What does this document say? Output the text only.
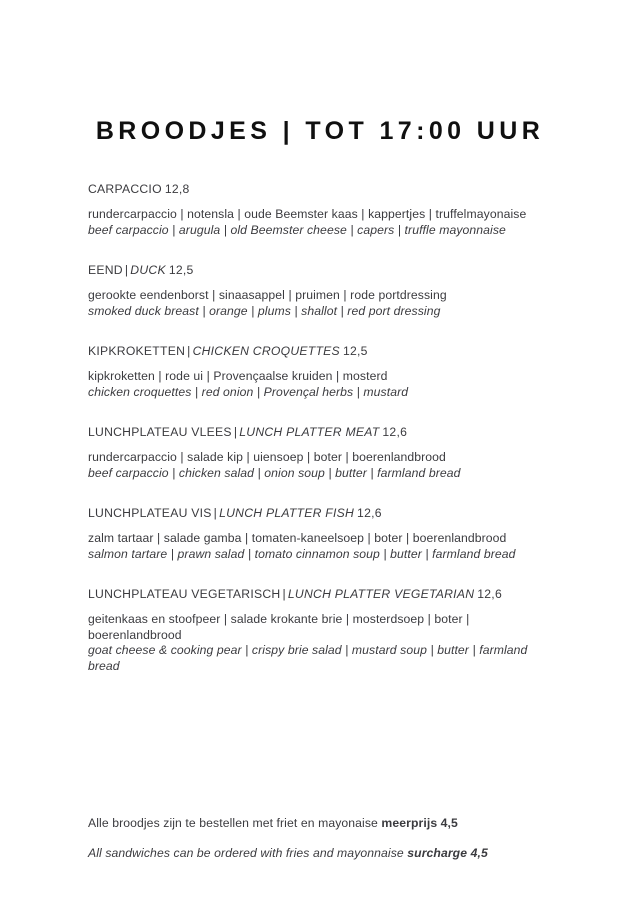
BROODJES | TOT 17:00 UUR

CARPACCIO 12,8

rundercarpaccio | notensla | oude Beemster kaas | kappertjes | truffelmayonaise

beef carpaccio | arugula | old Beemster cheese | capers | truffle mayonnaise

EEND | DUCK 12,5

gerookte eendenborst | sinaasappel | pruimen | rode portdressing

smoked duck breast | orange | plums | shallot | red port dressing

KIPKROKETTEN | CHICKEN CROQUETTES 12,5

kipkroketten | rode ui | Provençaalse kruiden | mosterd

chicken croquettes | red onion | Provençal herbs | mustard

LUNCHPLATEAU VLEES | LUNCH PLATTER MEAT 12,6

rundercarpaccio | salade kip | uiensoep | boter | boerenlandbrood

beef carpaccio | chicken salad | onion soup | butter | farmland bread

LUNCHPLATEAU VIS | LUNCH PLATTER FISH 12,6

zalm tartaar | salade gamba | tomaten-kaneelsoep | boter | boerenlandbrood

salmon tartare | prawn salad | tomato cinnamon soup | butter | farmland bread

LUNCHPLATEAU VEGETARISCH | LUNCH PLATTER VEGETARIAN 12,6

geitenkaas en stoofpeer | salade krokante brie | mosterdsoep | boter | boerenlandbrood

goat cheese & cooking pear | crispy brie salad | mustard soup | butter | farmland bread

Alle broodjes zijn te bestellen met friet en mayonaise meerprijs 4,5

All sandwiches can be ordered with fries and mayonnaise surcharge 4,5
